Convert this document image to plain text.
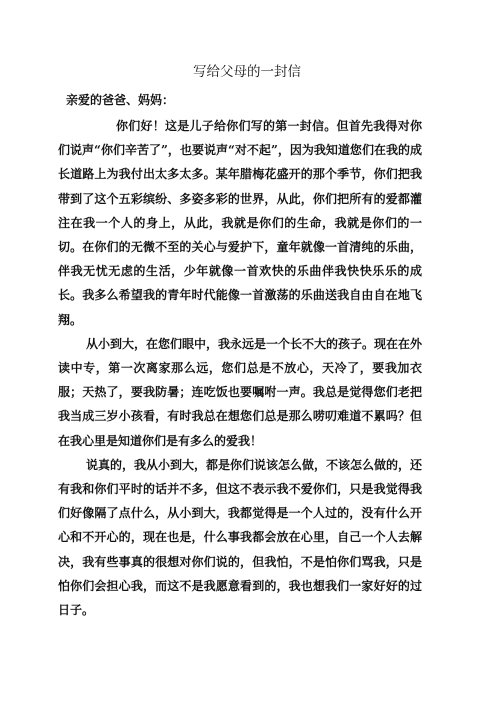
写给父母的一封信
亲爱的爸爸、妈妈：

你们好！这是儿子给你们写的第一封信。但首先我得对你们说声“你们辛苦了”，也要说声“对不起”，因为我知道您们在我的成长道路上为我付出太多太多。某年腊梅花盛开的那个季节，你们把我带到了这个五彩缤纷、多姿多彩的世界，从此，你们把所有的爱都灌注在我一个人的身上，从此，我就是你们的生命，我就是你们的一切。在你们的无微不至的关心与爱护下，童年就像一首清纯的乐曲，伴我无忧无虑的生活，少年就像一首欢快的乐曲伴我快快乐乐的成长。我多么希望我的青年时代能像一首激荡的乐曲送我自由自在地飞翔。

从小到大，在您们眼中，我永远是一个长不大的孩子。现在在外读中专，第一次离家那么远，您们总是不放心，天冷了，要我加衣服；天热了，要我防暑；连吃饭也要嘱咐一声。我总是觉得您们老把我当成三岁小孩看，有时我总在想您们总是那么唠叨难道不累吗？但在我心里是知道你们是有多么的爱我！

说真的，我从小到大，都是你们说该怎么做，不该怎么做的，还有我和你们平时的话并不多，但这不表示我不爱你们，只是我觉得我们好像隔了点什么，从小到大，我都觉得是一个人过的，没有什么开心和不开心的，现在也是，什么事我都会放在心里，自己一个人去解决，我有些事真的很想对你们说的，但我怕，不是怕你们骂我，只是怕你们会担心我，而这不是我愿意看到的，我也想我们一家好好的过日子。
